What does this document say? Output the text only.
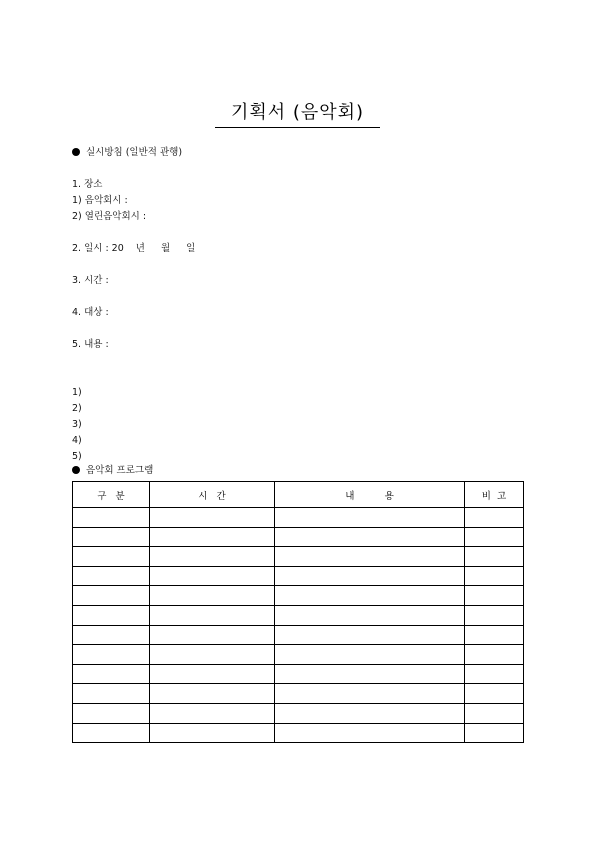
기획서 (음악회)
실시방침 (일반적 관행)
1. 장소
1) 음악회시 :
2) 열린음악회시 :
2. 일시 : 20 년 월 일
3. 시간 :
4. 대상 :
5. 내용 :
1)
2)
3)
4)
5)
음악회 프로그램
구   분	시   간	내          용	비  고
